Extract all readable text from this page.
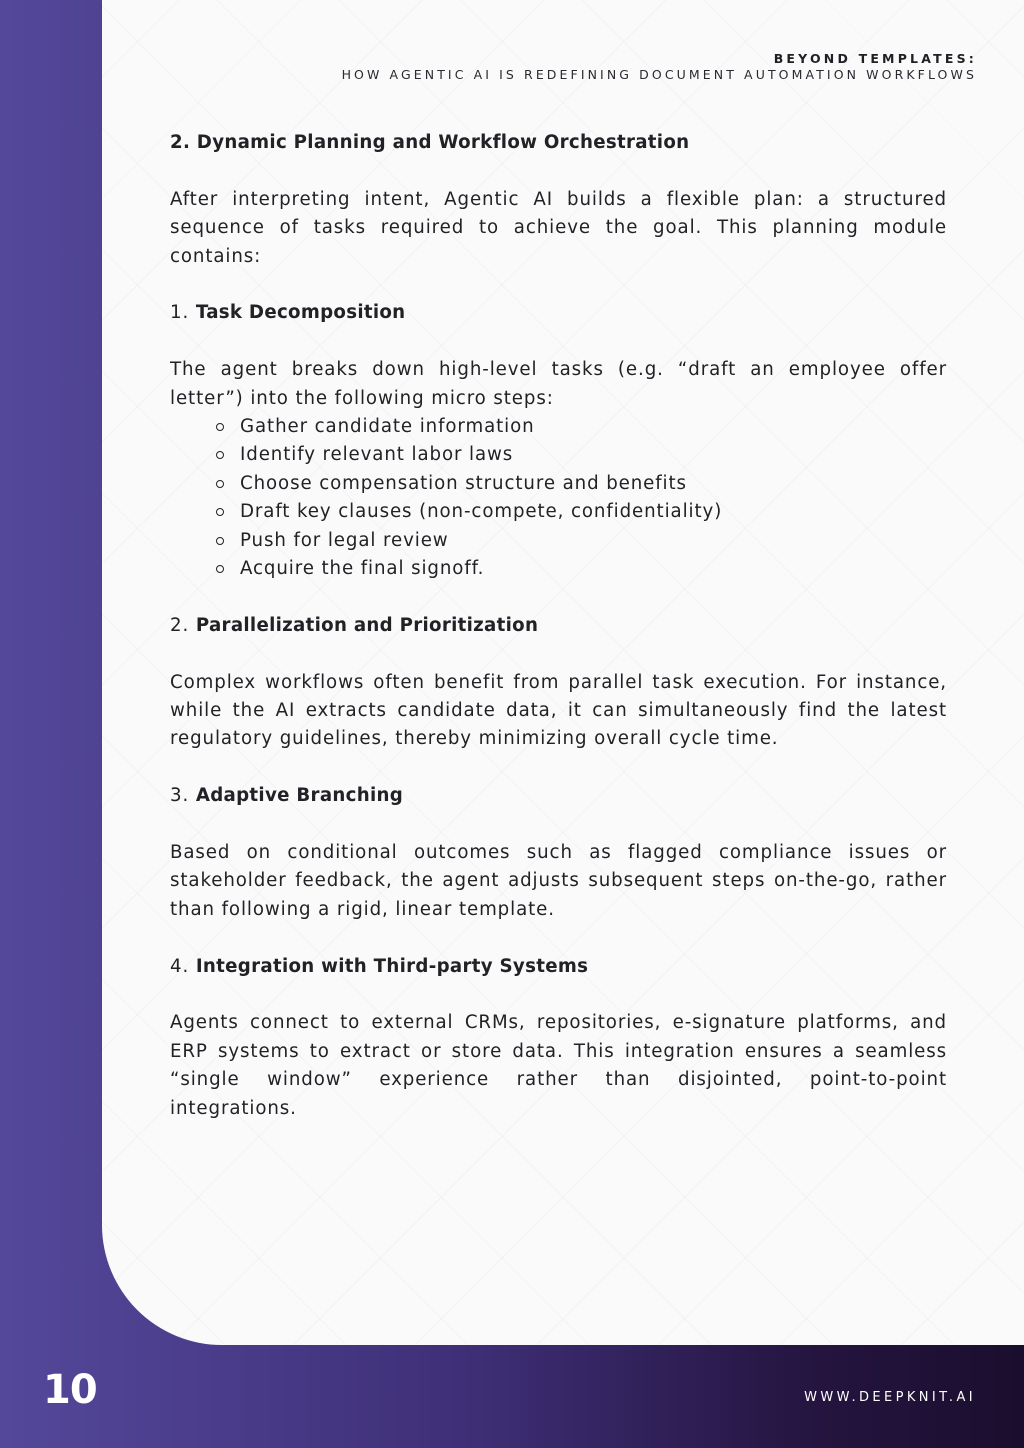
BEYOND TEMPLATES:
HOW AGENTIC AI IS REDEFINING DOCUMENT AUTOMATION WORKFLOWS
2. Dynamic Planning and Workflow Orchestration

After interpreting intent, Agentic AI builds a flexible plan: a structured sequence of tasks required to achieve the goal. This planning module contains:

1. Task Decomposition

The agent breaks down high-level tasks (e.g. “draft an employee offer letter”) into the following micro steps:

Gather candidate information
Identify relevant labor laws
Choose compensation structure and benefits
Draft key clauses (non-compete, confidentiality)
Push for legal review
Acquire the final signoff.
2. Parallelization and Prioritization

Complex workflows often benefit from parallel task execution. For instance, while the AI extracts candidate data, it can simultaneously find the latest regulatory guidelines, thereby minimizing overall cycle time.

3. Adaptive Branching

Based on conditional outcomes such as flagged compliance issues or stakeholder feedback, the agent adjusts subsequent steps on-the-go, rather than following a rigid, linear template.

4. Integration with Third-party Systems

Agents connect to external CRMs, repositories, e-signature platforms, and ERP systems to extract or store data. This integration ensures a seamless “single window” experience rather than disjointed, point-to-point integrations.

10	WWW.DEEPKNIT.AI
